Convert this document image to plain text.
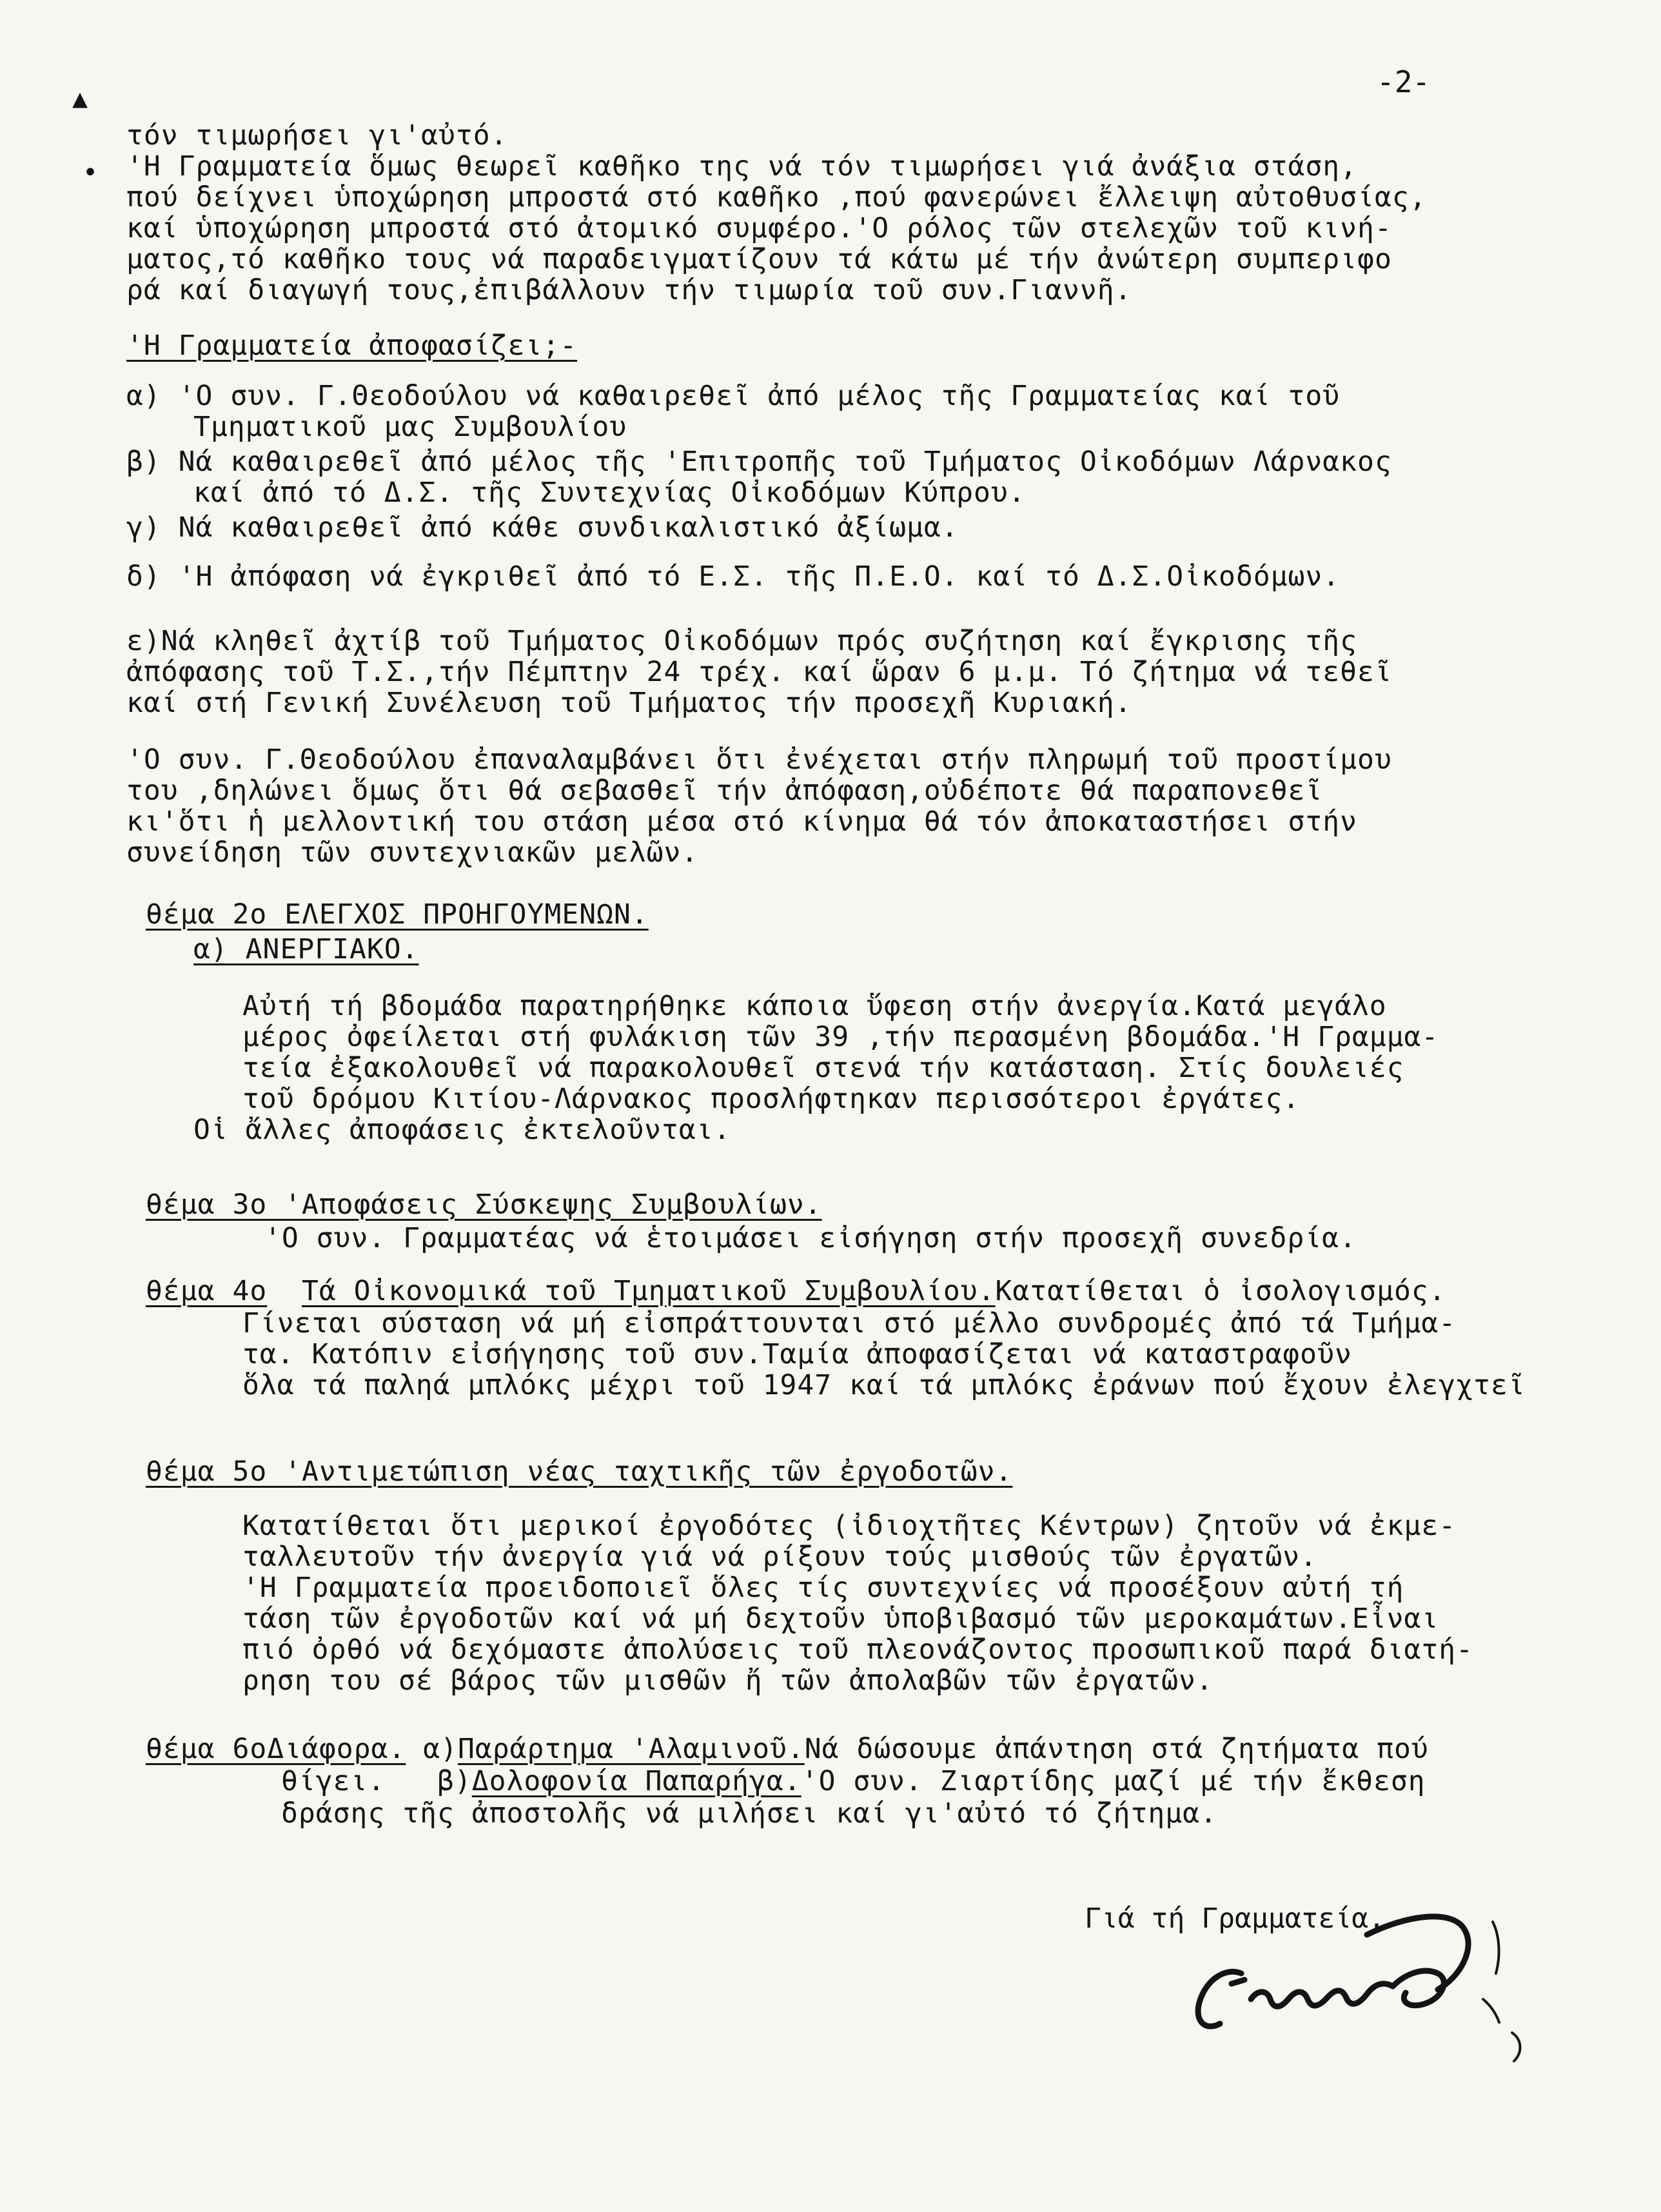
-2-
▲
•
τόν τιμωρήσει γι'αὐτό.
'Η Γραμματεία ὅμως θεωρεῖ καθῆκο της νά τόν τιμωρήσει γιά ἀνάξια στάση,
πού δείχνει ὑποχώρηση μπροστά στό καθῆκο ,πού φανερώνει ἔλλειψη αὐτοθυσίας,
καί ὑποχώρηση μπροστά στό ἀτομικό συμφέρο.'Ο ρόλος τῶν στελεχῶν τοῦ κινή-
ματος,τό καθῆκο τους νά παραδειγματίζουν τά κάτω μέ τήν ἀνώτερη συμπεριφο
ρά καί διαγωγή τους,ἐπιβάλλουν τήν τιμωρία τοῦ συν.Γιαννῆ.
'Η Γραμματεία ἀποφασίζει;-
α) 'Ο συν. Γ.Θεοδούλου νά καθαιρεθεῖ ἀπό μέλος τῆς Γραμματείας καί τοῦ
Τμηματικοῦ μας Συμβουλίου
β) Νά καθαιρεθεῖ ἀπό μέλος τῆς 'Επιτροπῆς τοῦ Τμήματος Οἰκοδόμων Λάρνακος
καί ἀπό τό Δ.Σ. τῆς Συντεχνίας Οἰκοδόμων Κύπρου.
γ) Νά καθαιρεθεῖ ἀπό κάθε συνδικαλιστικό ἀξίωμα.
δ) 'Η ἀπόφαση νά ἐγκριθεῖ ἀπό τό Ε.Σ. τῆς Π.Ε.Ο. καί τό Δ.Σ.Οἰκοδόμων.
ε)Νά κληθεῖ ἀχτίβ τοῦ Τμήματος Οἰκοδόμων πρός συζήτηση καί ἔγκρισης τῆς
ἀπόφασης τοῦ Τ.Σ.,τήν Πέμπτην 24 τρέχ. καί ὥραν 6 μ.μ. Τό ζήτημα νά τεθεῖ
καί στή Γενική Συνέλευση τοῦ Τμήματος τήν προσεχῆ Κυριακή.
'Ο συν. Γ.Θεοδούλου ἐπαναλαμβάνει ὅτι ἐνέχεται στήν πληρωμή τοῦ προστίμου
του ,δηλώνει ὅμως ὅτι θά σεβασθεῖ τήν ἀπόφαση,οὐδέποτε θά παραπονεθεῖ
κι'ὅτι ἡ μελλοντική του στάση μέσα στό κίνημα θά τόν ἀποκαταστήσει στήν
συνείδηση τῶν συντεχνιακῶν μελῶν.
θέμα 2ο ΕΛΕΓΧΟΣ ΠΡΟΗΓΟΥΜΕΝΩΝ.
α) ΑΝΕΡΓΙΑΚΟ.
Αὐτή τή βδομάδα παρατηρήθηκε κάποια ὕφεση στήν ἀνεργία.Κατά μεγάλο
μέρος ὀφείλεται στή φυλάκιση τῶν 39 ,τήν περασμένη βδομάδα.'Η Γραμμα-
τεία ἐξακολουθεῖ νά παρακολουθεῖ στενά τήν κατάσταση. Στίς δουλειές
τοῦ δρόμου Κιτίου-Λάρνακος προσλήφτηκαν περισσότεροι ἐργάτες.
Οἱ ἄλλες ἀποφάσεις ἐκτελοῦνται.
θέμα 3ο 'Αποφάσεις Σύσκεψης Συμβουλίων.
'Ο συν. Γραμματέας νά ἑτοιμάσει εἰσήγηση στήν προσεχῆ συνεδρία.
θέμα 4ο Τά Οἰκονομικά τοῦ Τμηματικοῦ Συμβουλίου.Κατατίθεται ὁ ἰσολογισμός.
Γίνεται σύσταση νά μή εἰσπράττουνται στό μέλλο συνδρομές ἀπό τά Τμήμα-
τα. Κατόπιν εἰσήγησης τοῦ συν.Ταμία ἀποφασίζεται νά καταστραφοῦν
ὅλα τά παληά μπλόκς μέχρι τοῦ 1947 καί τά μπλόκς ἐράνων πού ἔχουν ἐλεγχτεῖ
θέμα 5ο 'Αντιμετώπιση νέας ταχτικῆς τῶν ἐργοδοτῶν.
Κατατίθεται ὅτι μερικοί ἐργοδότες (ἰδιοχτῆτες Κέντρων) ζητοῦν νά ἐκμε-
ταλλευτοῦν τήν ἀνεργία γιά νά ρίξουν τούς μισθούς τῶν ἐργατῶν.
'Η Γραμματεία προειδοποιεῖ ὅλες τίς συντεχνίες νά προσέξουν αὐτή τή
τάση τῶν ἐργοδοτῶν καί νά μή δεχτοῦν ὑποβιβασμό τῶν μεροκαμάτων.Εἶναι
πιό ὀρθό νά δεχόμαστε ἀπολύσεις τοῦ πλεονάζοντος προσωπικοῦ παρά διατή-
ρηση του σέ βάρος τῶν μισθῶν ἤ τῶν ἀπολαβῶν τῶν ἐργατῶν.
θέμα 6οΔιάφορα. α)Παράρτημα 'Αλαμινοῦ.Νά δώσουμε ἀπάντηση στά ζητήματα πού
θίγει. β)Δολοφονία Παπαρήγα.'Ο συν. Ζιαρτίδης μαζί μέ τήν ἔκθεση
δράσης τῆς ἀποστολῆς νά μιλήσει καί γι'αὐτό τό ζήτημα.
Γιά τή Γραμματεία.
